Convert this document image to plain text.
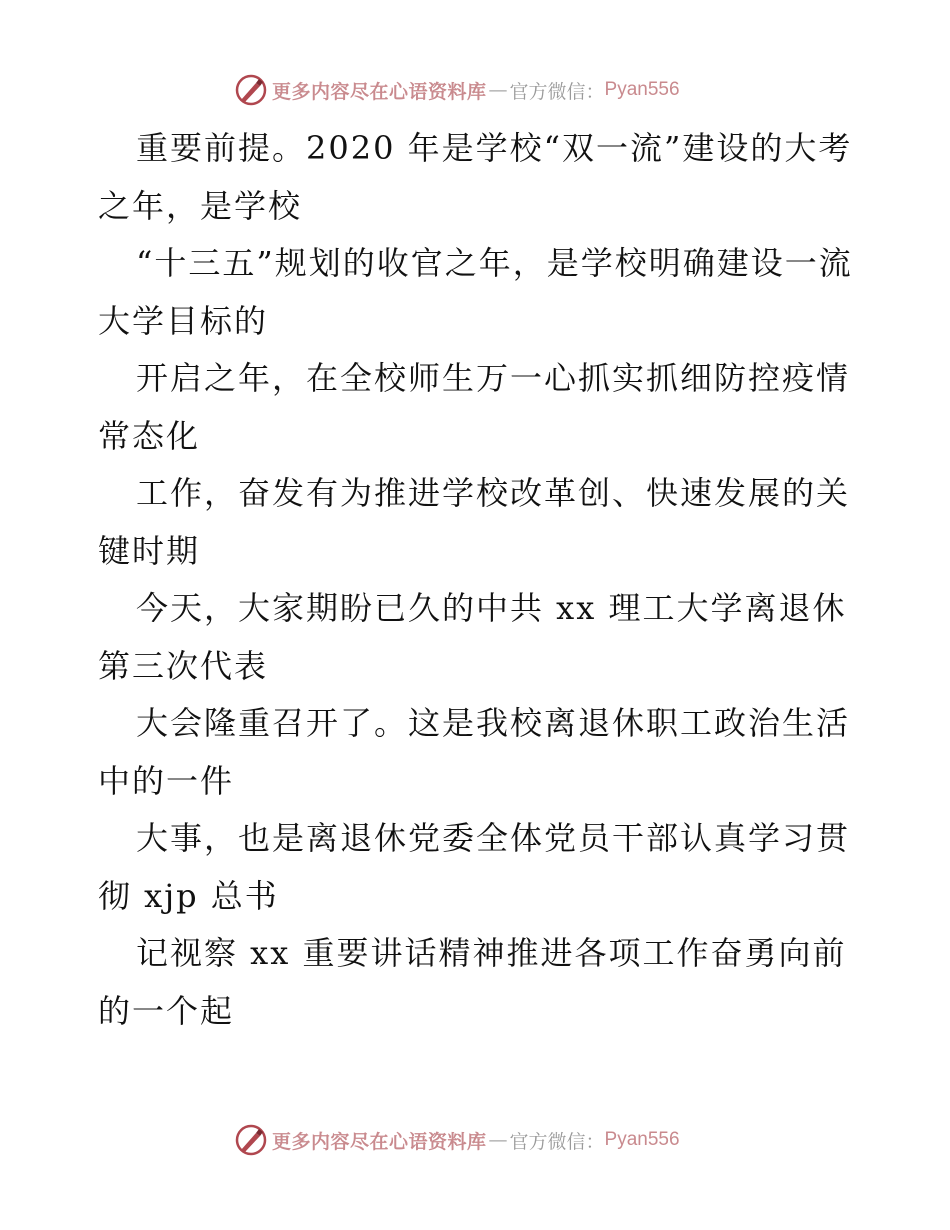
更多内容尽在心语资料库 — 官方微信： Pyan556

重要前提。2020 年是学校“双一流”建设的大考之年，是学校

“十三五”规划的收官之年，是学校明确建设一流大学目标的

开启之年，在全校师生万一心抓实抓细防控疫情常态化

工作，奋发有为推进学校改革创、快速发展的关键时期

今天，大家期盼已久的中共 xx 理工大学离退休第三次代表

大会隆重召开了。这是我校离退休职工政治生活中的一件

大事，也是离退休党委全体党员干部认真学习贯彻 xjp 总书

记视察 xx 重要讲话精神推进各项工作奋勇向前的一个起

更多内容尽在心语资料库 — 官方微信： Pyan556
